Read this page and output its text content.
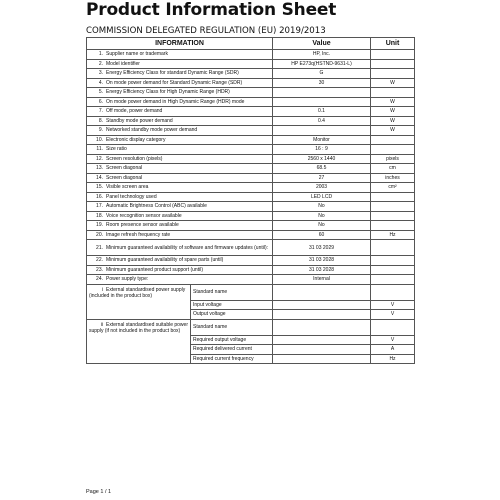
Product Information Sheet
COMMISSION DELEGATED REGULATION (EU) 2019/2013
INFORMATION		Value	Unit
1. Supplier name or trademark		HP, Inc.	
2. Model identifier		HP E273q(HSTND-9631-L)	
3. Energy Efficiency Class for standard Dynamic Range (SDR)		G	
4. On mode power demand for Standard Dynamic Range (SDR)		30	W
5. Energy Efficiency Class for High Dynamic Range (HDR)			
6. On mode power demand in High Dynamic Range (HDR) mode			W
7. Off mode, power demand		0.1	W
8. Standby mode power demand		0.4	W
9. Networked standby mode power demand			W
10. Electronic display category		Monitor	
11. Size ratio		16 : 9	
12. Screen resolution (pixels)		2560 x 1440	pixels
13. Screen diagonal		68.5	cm
14. Screen diagonal		27	inches
15. Visible screen area		2003	cm²
16. Panel technology used		LED LCD	
17. Automatic Brightness Control (ABC) available		No	
18. Voice recognition sensor available		No	
19. Room presence sensor available		No	
20. Image refresh frequency rate		60	Hz
21. Minimum guaranteed availability of software and firmware updates (until):		31 03 2029	
22. Minimum guaranteed availability of spare parts (until)		31 03 2028	
23. Minimum guaranteed product support (until)		31 03 2028	
24. Power supply type:		Internal	
i External standardised power supply (included in the product box)	Standard name		
	Input voltage		V
	Output voltage		V
ii External standardised suitable power supply (if not included in the product box)	Standard name		
	Required output voltage		V
	Required delivered current		A
	Required current frequency		Hz
Page 1 / 1
